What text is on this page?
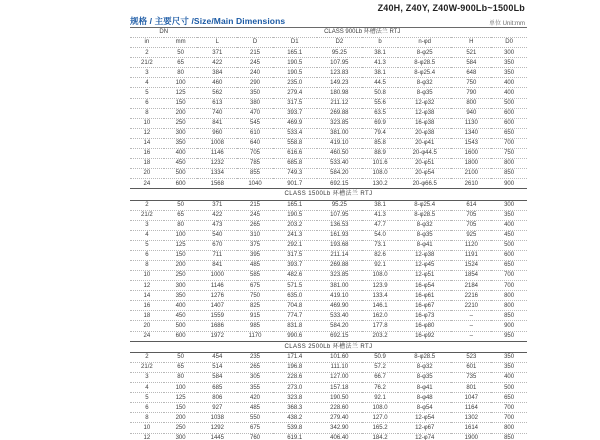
Z40H, Z40Y, Z40W-900Lb~1500Lb
规格 / 主要尺寸 /Size/Main Dimensions	单位 Unit:mm
DN		CLASS 900Lb 环槽法兰 RTJ							
in	mm	L	D	D1	D2	b	n-φd	H	D0
2	50	371	215	165.1	95.25	38.1	8-φ25	521	300
21/2	65	422	245	190.5	107.95	41.3	8-φ28.5	584	350
3	80	384	240	190.5	123.83	38.1	8-φ25.4	648	350
4	100	460	290	235.0	149.23	44.5	8-φ32	750	400
5	125	562	350	279.4	180.98	50.8	8-φ35	790	400
6	150	613	380	317.5	211.12	55.6	12-φ32	800	500
8	200	740	470	393.7	269.88	63.5	12-φ38	940	600
10	250	841	545	469.9	323.85	69.9	16-φ38	1130	600
12	300	960	610	533.4	381.00	79.4	20-φ38	1340	650
14	350	1008	640	558.8	419.10	85.8	20-φ41	1543	700
16	400	1146	705	616.6	460.50	88.9	20-φ44.5	1600	750
18	450	1232	785	685.8	533.40	101.6	20-φ51	1800	800
20	500	1334	855	749.3	584.20	108.0	20-φ54	2100	850
24	600	1568	1040	901.7	692.15	130.2	20-φ66.5	2610	900
CLASS 1500Lb 环槽法兰 RTJ									
2	50	371	215	165.1	95.25	38.1	8-φ25.4	614	300
21/2	65	422	245	190.5	107.95	41.3	8-φ28.5	705	350
3	80	473	265	203.2	136.53	47.7	8-φ32	705	400
4	100	540	310	241.3	161.93	54.0	8-φ35	925	450
5	125	670	375	292.1	193.68	73.1	8-φ41	1120	500
6	150	711	395	317.5	211.14	82.6	12-φ38	1191	600
8	200	841	485	393.7	269.88	92.1	12-φ45	1524	650
10	250	1000	585	482.6	323.85	108.0	12-φ51	1854	700
12	300	1146	675	571.5	381.00	123.9	16-φ54	2184	700
14	350	1276	750	635.0	419.10	133.4	16-φ61	2216	800
16	400	1407	825	704.8	469.90	146.1	16-φ67	2210	800
18	450	1559	915	774.7	533.40	162.0	16-φ73	–	850
20	500	1686	985	831.8	584.20	177.8	16-φ80	–	900
24	600	1972	1170	990.6	692.15	203.2	16-φ92	–	950
CLASS 2500Lb 环槽法兰 RTJ									
2	50	454	235	171.4	101.60	50.9	8-φ28.5	523	350
21/2	65	514	265	196.8	111.10	57.2	8-φ32	601	350
3	80	584	305	228.6	127.00	66.7	8-φ35	735	400
4	100	685	355	273.0	157.18	76.2	8-φ41	801	500
5	125	806	420	323.8	190.50	92.1	8-φ48	1047	650
6	150	927	485	368.3	228.60	108.0	8-φ54	1164	700
8	200	1038	550	438.2	279.40	127.0	12-φ54	1302	700
10	250	1292	675	539.8	342.90	165.2	12-φ67	1614	800
12	300	1445	760	619.1	406.40	184.2	12-φ74	1900	850
